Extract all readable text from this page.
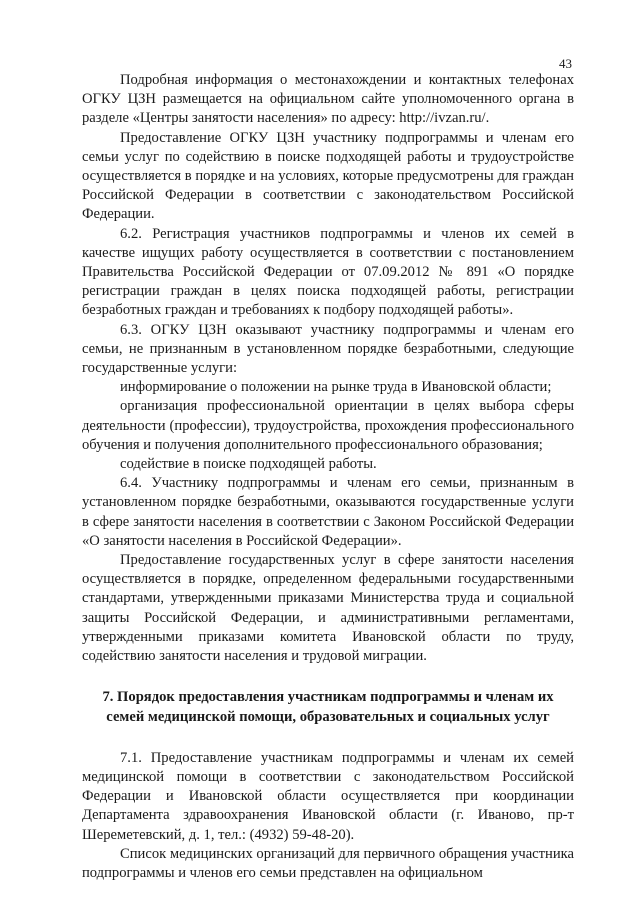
43

Подробная информация о местонахождении и контактных телефонах ОГКУ ЦЗН размещается на официальном сайте уполномоченного органа в разделе «Центры занятости населения» по адресу: http://ivzan.ru/.

Предоставление ОГКУ ЦЗН участнику подпрограммы и членам его семьи услуг по содействию в поиске подходящей работы и трудоустройстве осуществляется в порядке и на условиях, которые предусмотрены для граждан Российской Федерации в соответствии с законодательством Российской Федерации.

6.2. Регистрация участников подпрограммы и членов их семей в качестве ищущих работу осуществляется в соответствии с постановлением Правительства Российской Федерации от 07.09.2012 № 891 «О порядке регистрации граждан в целях поиска подходящей работы, регистрации безработных граждан и требованиях к подбору подходящей работы».

6.3. ОГКУ ЦЗН оказывают участнику подпрограммы и членам его семьи, не признанным в установленном порядке безработными, следующие государственные услуги:

информирование о положении на рынке труда в Ивановской области;

организация профессиональной ориентации в целях выбора сферы деятельности (профессии), трудоустройства, прохождения профессионального обучения и получения дополнительного профессионального образования;

содействие в поиске подходящей работы.

6.4. Участнику подпрограммы и членам его семьи, признанным в установленном порядке безработными, оказываются государственные услуги в сфере занятости населения в соответствии с Законом Российской Федерации «О занятости населения в Российской Федерации».

Предоставление государственных услуг в сфере занятости населения осуществляется в порядке, определенном федеральными государственными стандартами, утвержденными приказами Министерства труда и социальной защиты Российской Федерации, и административными регламентами, утвержденными приказами комитета Ивановской области по труду, содействию занятости населения и трудовой миграции.

7. Порядок предоставления участникам подпрограммы и членам их семей медицинской помощи, образовательных и социальных услуг

7.1. Предоставление участникам подпрограммы и членам их семей медицинской помощи в соответствии с законодательством Российской Федерации и Ивановской области осуществляется при координации Департамента здравоохранения Ивановской области (г. Иваново, пр-т Шереметевский, д. 1, тел.: (4932) 59-48-20).

Список медицинских организаций для первичного обращения участника подпрограммы и членов его семьи представлен на официальном
